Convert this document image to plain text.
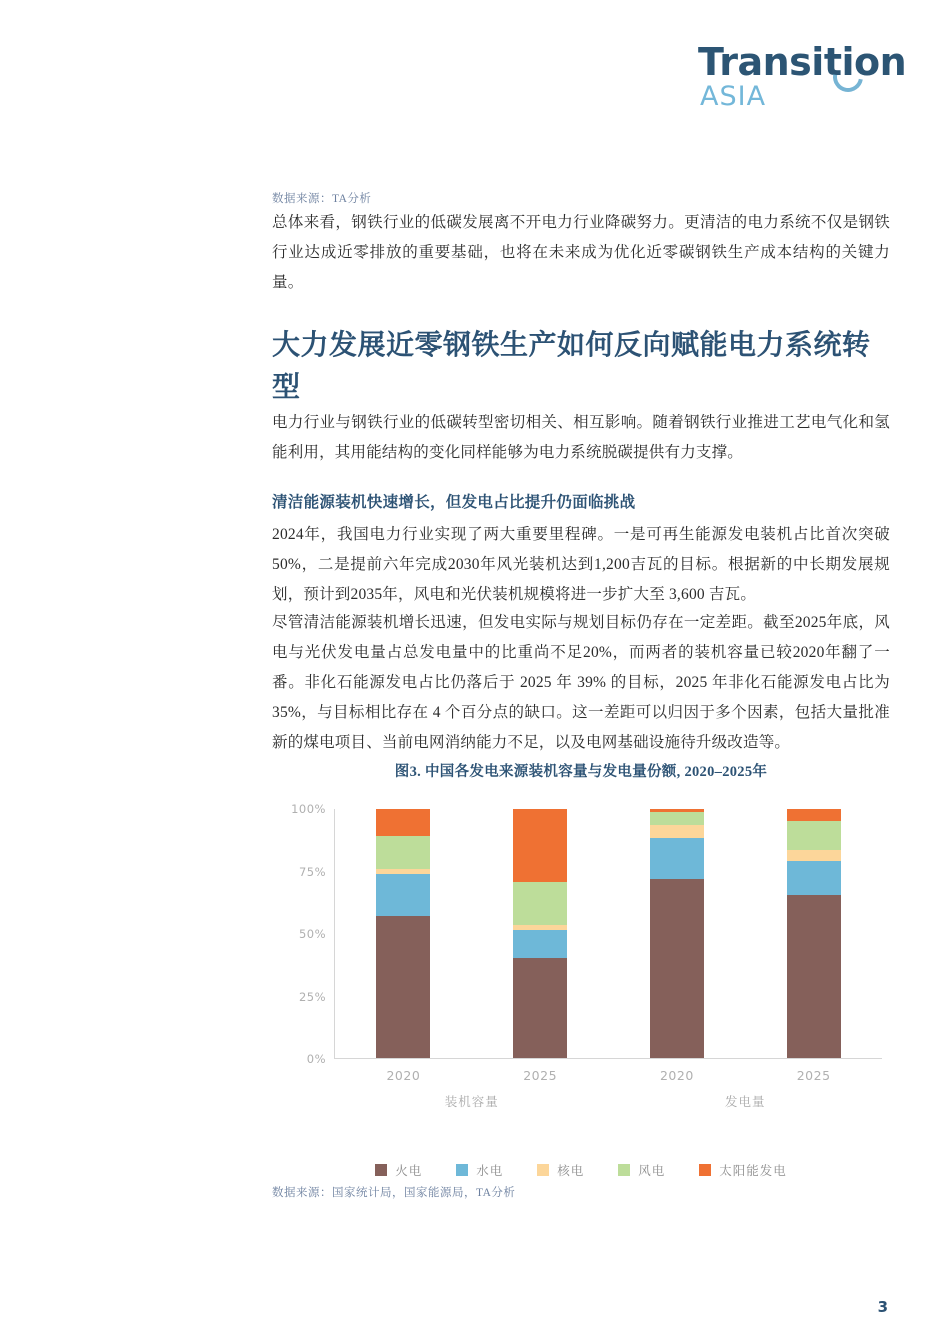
Transition
ASIA
数据来源：TA分析

总体来看，钢铁行业的低碳发展离不开电力行业降碳努力。更清洁的电力系统不仅是钢铁行业达成近零排放的重要基础，也将在未来成为优化近零碳钢铁生产成本结构的关键力量。

大力发展近零钢铁生产如何反向赋能电力系统转型

电力行业与钢铁行业的低碳转型密切相关、相互影响。随着钢铁行业推进工艺电气化和氢能利用，其用能结构的变化同样能够为电力系统脱碳提供有力支撑。

清洁能源装机快速增长，但发电占比提升仍面临挑战

2024年，我国电力行业实现了两大重要里程碑。一是可再生能源发电装机占比首次突破50%，二是提前六年完成2030年风光装机达到1,200吉瓦的目标。根据新的中长期发展规划，预计到2035年，风电和光伏装机规模将进一步扩大至 3,600 吉瓦。

尽管清洁能源装机增长迅速，但发电实际与规划目标仍存在一定差距。截至2025年底，风电与光伏发电量占总发电量中的比重尚不足20%，而两者的装机容量已较2020年翻了一番。非化石能源发电占比仍落后于 2025 年 39% 的目标，2025 年非化石能源发电占比为 35%，与目标相比存在 4 个百分点的缺口。这一差距可以归因于多个因素，包括大量批准新的煤电项目、当前电网消纳能力不足，以及电网基础设施待升级改造等。

图3. 中国各发电来源装机容量与发电量份额, 2020–2025年
100%
75%
50%
25%
0%
2020	2025
装机容量
2020	2025
发电量
火电	水电	核电	风电	太阳能发电
数据来源：国家统计局，国家能源局，TA分析
3
